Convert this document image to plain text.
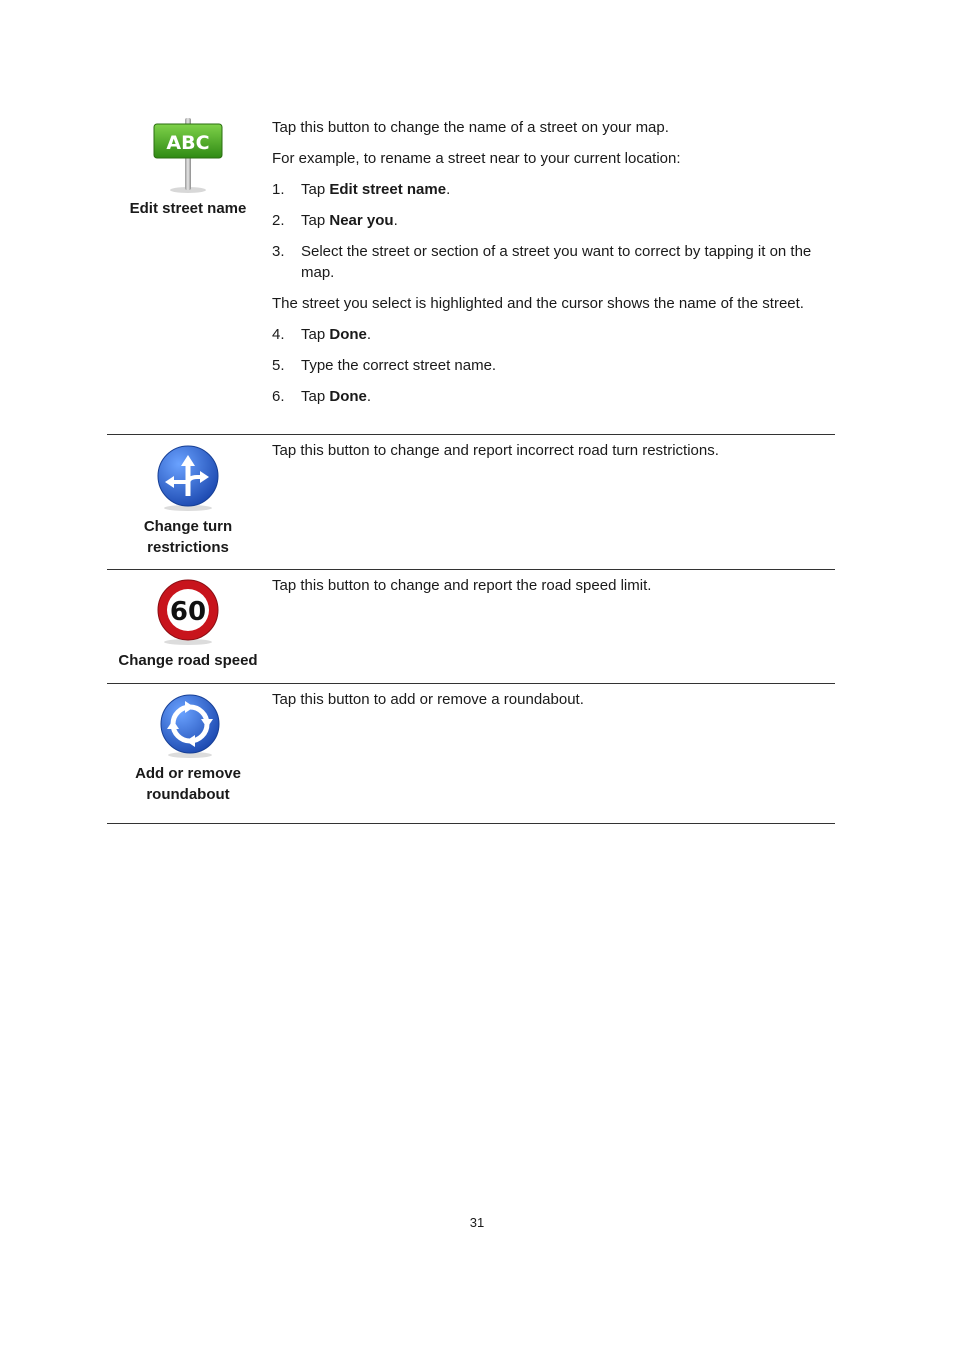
ABC
Edit street name

Tap this button to change the name of a street on your map.

For example, to rename a street near to your current location:

1.	Tap Edit street name.
2.	Tap Near you.
3.	Select the street or section of a street you want to correct by tapping it on the map.

The street you select is highlighted and the cursor shows the name of the street.

4.	Tap Done.
5.	Type the correct street name.
6.	Tap Done.
Change turn restrictions

Tap this button to change and report incorrect road turn restrictions.

60
Change road speed

Tap this button to change and report the road speed limit.

Add or remove roundabout

Tap this button to add or remove a roundabout.

31
